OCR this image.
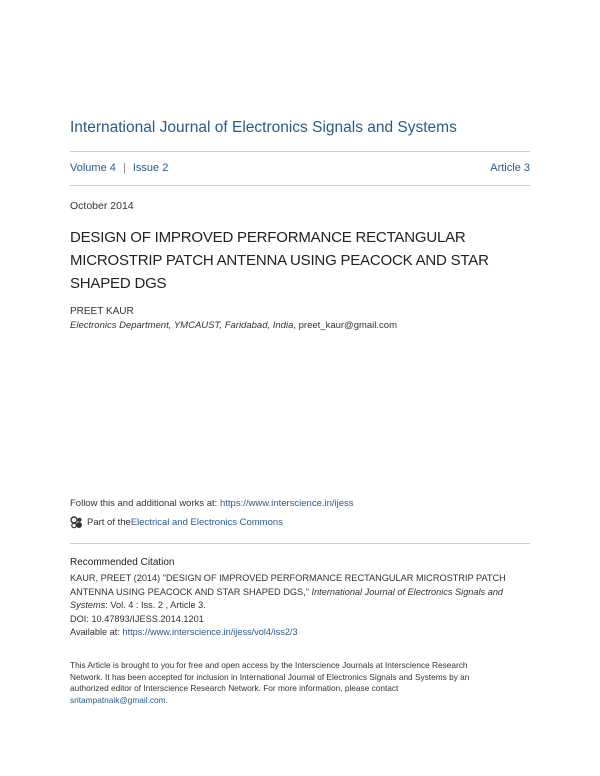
International Journal of Electronics Signals and Systems
Volume 4 | Issue 2	Article 3
October 2014
DESIGN OF IMPROVED PERFORMANCE RECTANGULAR
MICROSTRIP PATCH ANTENNA USING PEACOCK AND STAR
SHAPED DGS
PREET KAUR
Electronics Department, YMCAUST, Faridabad, India, preet_kaur@gmail.com
Follow this and additional works at: https://www.interscience.in/ijess
Part of the Electrical and Electronics Commons
Recommended Citation
KAUR, PREET (2014) "DESIGN OF IMPROVED PERFORMANCE RECTANGULAR MICROSTRIP PATCH
ANTENNA USING PEACOCK AND STAR SHAPED DGS," International Journal of Electronics Signals and
Systems: Vol. 4 : Iss. 2 , Article 3.
DOI: 10.47893/IJESS.2014.1201
Available at: https://www.interscience.in/ijess/vol4/iss2/3
This Article is brought to you for free and open access by the Interscience Journals at Interscience Research
Network. It has been accepted for inclusion in International Journal of Electronics Signals and Systems by an
authorized editor of Interscience Research Network. For more information, please contact
sritampatnaik@gmail.com.
